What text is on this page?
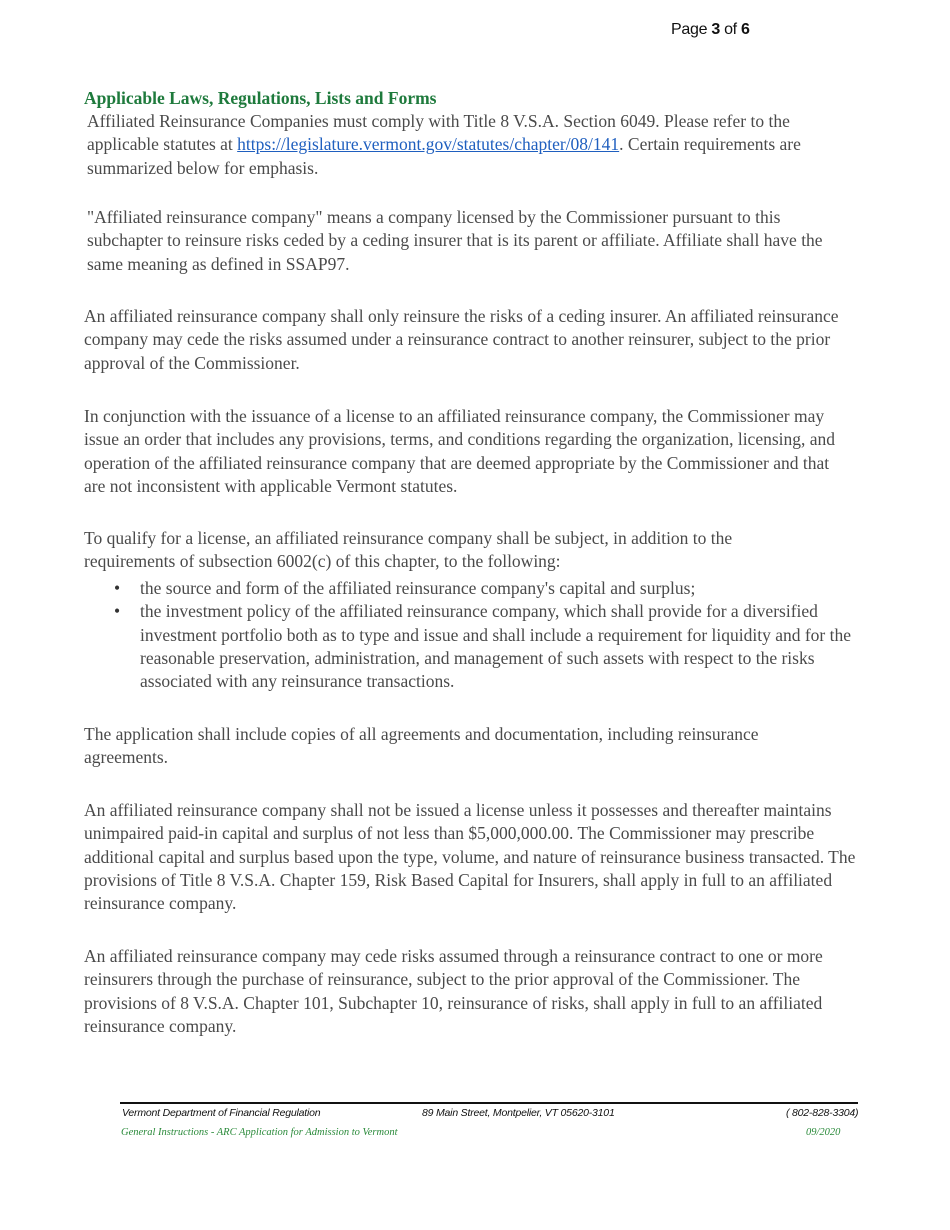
Page 3 of 6
Applicable Laws, Regulations, Lists and Forms

Affiliated Reinsurance Companies must comply with Title 8 V.S.A. Section 6049. Please refer to the applicable statutes at https://legislature.vermont.gov/statutes/chapter/08/141. Certain requirements are summarized below for emphasis.

"Affiliated reinsurance company" means a company licensed by the Commissioner pursuant to this subchapter to reinsure risks ceded by a ceding insurer that is its parent or affiliate. Affiliate shall have the same meaning as defined in SSAP97.

An affiliated reinsurance company shall only reinsure the risks of a ceding insurer. An affiliated reinsurance company may cede the risks assumed under a reinsurance contract to another reinsurer, subject to the prior approval of the Commissioner.

In conjunction with the issuance of a license to an affiliated reinsurance company, the Commissioner may issue an order that includes any provisions, terms, and conditions regarding the organization, licensing, and operation of the affiliated reinsurance company that are deemed appropriate by the Commissioner and that are not inconsistent with applicable Vermont statutes.

To qualify for a license, an affiliated reinsurance company shall be subject, in addition to the requirements of subsection 6002(c) of this chapter, to the following:

• the source and form of the affiliated reinsurance company's capital and surplus;
• the investment policy of the affiliated reinsurance company, which shall provide for a diversified investment portfolio both as to type and issue and shall include a requirement for liquidity and for the reasonable preservation, administration, and management of such assets with respect to the risks associated with any reinsurance transactions.

The application shall include copies of all agreements and documentation, including reinsurance agreements.

An affiliated reinsurance company shall not be issued a license unless it possesses and thereafter maintains unimpaired paid-in capital and surplus of not less than $5,000,000.00. The Commissioner may prescribe additional capital and surplus based upon the type, volume, and nature of reinsurance business transacted. The provisions of Title 8 V.S.A. Chapter 159, Risk Based Capital for Insurers, shall apply in full to an affiliated reinsurance company.

An affiliated reinsurance company may cede risks assumed through a reinsurance contract to one or more reinsurers through the purchase of reinsurance, subject to the prior approval of the Commissioner. The provisions of 8 V.S.A. Chapter 101, Subchapter 10, reinsurance of risks, shall apply in full to an affiliated reinsurance company.

Vermont Department of Financial Regulation	89 Main Street, Montpelier, VT 05620-3101	( 802-828-3304)
General Instructions - ARC Application for Admission to Vermont	09/2020
